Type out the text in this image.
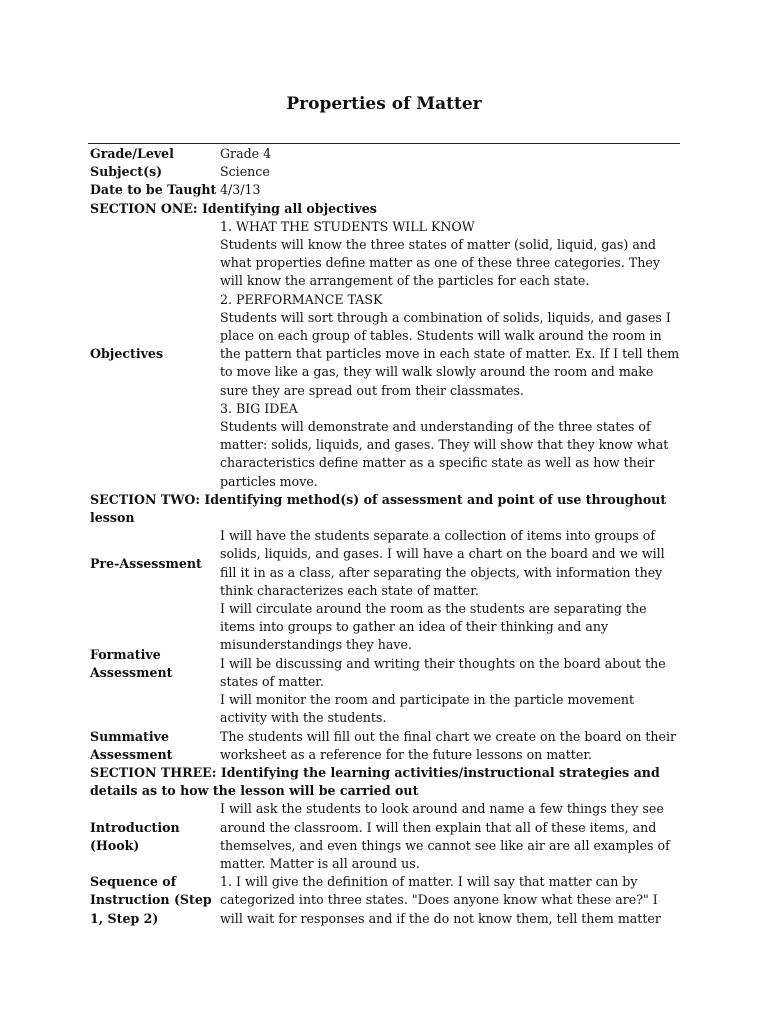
Properties of Matter
Grade/Level	Grade 4
Subject(s)	Science
Date to be Taught 4/3/13
SECTION ONE: Identifying all objectives
Objectives
1. WHAT THE STUDENTS WILL KNOW
Students will know the three states of matter (solid, liquid, gas) and
what properties define matter as one of these three categories. They
will know the arrangement of the particles for each state.
2. PERFORMANCE TASK
Students will sort through a combination of solids, liquids, and gases I
place on each group of tables. Students will walk around the room in
the pattern that particles move in each state of matter. Ex. If I tell them
to move like a gas, they will walk slowly around the room and make
sure they are spread out from their classmates.
3. BIG IDEA
Students will demonstrate and understanding of the three states of
matter: solids, liquids, and gases. They will show that they know what
characteristics define matter as a specific state as well as how their
particles move.
SECTION TWO: Identifying method(s) of assessment and point of use throughout lesson
Pre-Assessment
I will have the students separate a collection of items into groups of
solids, liquids, and gases. I will have a chart on the board and we will
fill it in as a class, after separating the objects, with information they
think characterizes each state of matter.
Formative
Assessment
I will circulate around the room as the students are separating the
items into groups to gather an idea of their thinking and any
misunderstandings they have.
I will be discussing and writing their thoughts on the board about the
states of matter.
I will monitor the room and participate in the particle movement
activity with the students.
Summative
Assessment
The students will fill out the final chart we create on the board on their
worksheet as a reference for the future lessons on matter.
SECTION THREE: Identifying the learning activities/instructional strategies and details as to how the lesson will be carried out
Introduction
(Hook)
I will ask the students to look around and name a few things they see
around the classroom. I will then explain that all of these items, and
themselves, and even things we cannot see like air are all examples of
matter. Matter is all around us.
Sequence of
Instruction (Step
1, Step 2)
1. I will give the definition of matter. I will say that matter can by
categorized into three states. "Does anyone know what these are?" I
will wait for responses and if the do not know them, tell them matter
